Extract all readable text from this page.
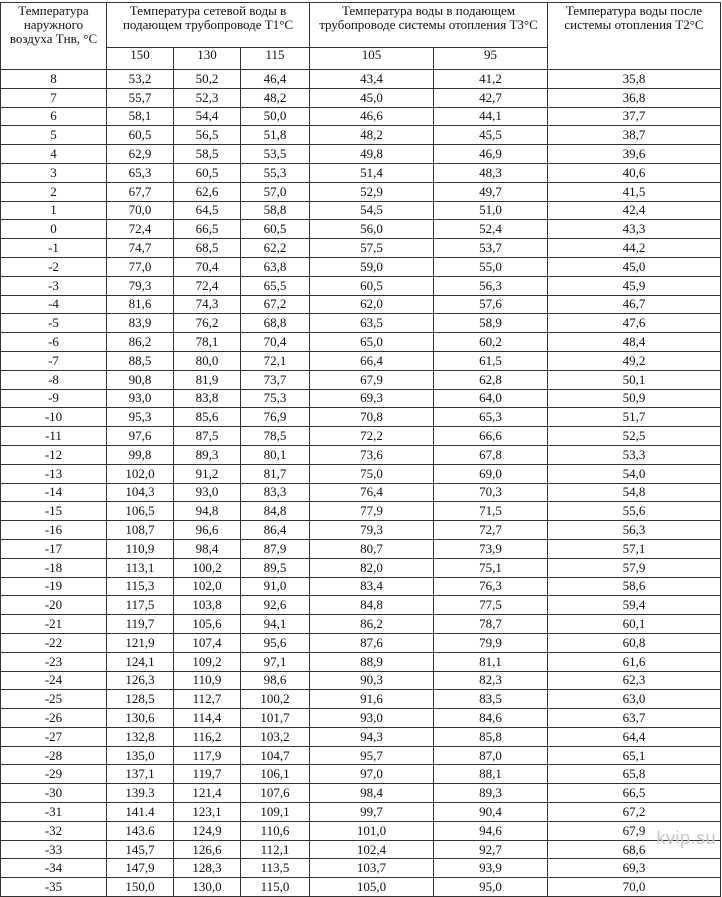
Температура наружного воздуха Тнв, °С	Температура сетевой воды в подающем трубопроводе Т1°С			Температура воды в подающем трубопроводе системы отопления Т3°С		Температура воды после системы отопления Т2°С
	150	130	115	105	95	
8	53,2	50,2	46,4	43,4	41,2	35,8
7	55,7	52,3	48,2	45,0	42,7	36,8
6	58,1	54,4	50,0	46,6	44,1	37,7
5	60,5	56,5	51,8	48,2	45,5	38,7
4	62,9	58,5	53,5	49,8	46,9	39,6
3	65,3	60,5	55,3	51,4	48,3	40,6
2	67,7	62,6	57,0	52,9	49,7	41,5
1	70,0	64,5	58,8	54,5	51,0	42,4
0	72,4	66,5	60,5	56,0	52,4	43,3
-1	74,7	68,5	62,2	57,5	53,7	44,2
-2	77,0	70,4	63,8	59,0	55,0	45,0
-3	79,3	72,4	65,5	60,5	56,3	45,9
-4	81,6	74,3	67,2	62,0	57,6	46,7
-5	83,9	76,2	68,8	63,5	58,9	47,6
-6	86,2	78,1	70,4	65,0	60,2	48,4
-7	88,5	80,0	72,1	66,4	61,5	49,2
-8	90,8	81,9	73,7	67,9	62,8	50,1
-9	93,0	83,8	75,3	69,3	64,0	50,9
-10	95,3	85,6	76,9	70,8	65,3	51,7
-11	97,6	87,5	78,5	72,2	66,6	52,5
-12	99,8	89,3	80,1	73,6	67,8	53,3
-13	102,0	91,2	81,7	75,0	69,0	54,0
-14	104,3	93,0	83,3	76,4	70,3	54,8
-15	106,5	94,8	84,8	77,9	71,5	55,6
-16	108,7	96,6	86,4	79,3	72,7	56,3
-17	110,9	98,4	87,9	80,7	73,9	57,1
-18	113,1	100,2	89,5	82,0	75,1	57,9
-19	115,3	102,0	91,0	83,4	76,3	58,6
-20	117,5	103,8	92,6	84,8	77,5	59,4
-21	119,7	105,6	94,1	86,2	78,7	60,1
-22	121,9	107,4	95,6	87,6	79,9	60,8
-23	124,1	109,2	97,1	88,9	81,1	61,6
-24	126,3	110,9	98,6	90,3	82,3	62,3
-25	128,5	112,7	100,2	91,6	83,5	63,0
-26	130,6	114,4	101,7	93,0	84,6	63,7
-27	132,8	116,2	103,2	94,3	85,8	64,4
-28	135,0	117,9	104,7	95,7	87,0	65,1
-29	137,1	119,7	106,1	97,0	88,1	65,8
-30	139.3	121,4	107,6	98,4	89,3	66,5
-31	141.4	123,1	109,1	99,7	90,4	67,2
-32	143.6	124,9	110,6	101,0	94,6	67,9
-33	145,7	126,6	112,1	102,4	92,7	68,6
-34	147,9	128,3	113,5	103,7	93,9	69,3
-35	150,0	130,0	115,0	105,0	95,0	70,0
kvip.su
